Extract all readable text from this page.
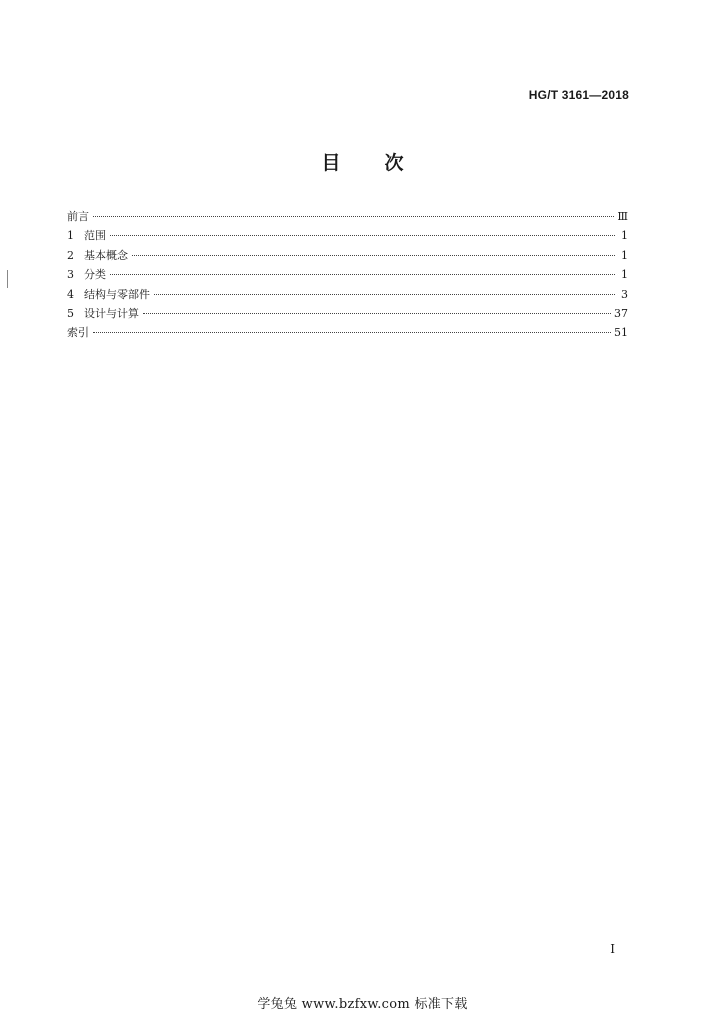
HG/T 3161—2018
目次
前言	Ⅲ
1 范围	1
2 基本概念	1
3 分类	1
4 结构与零部件	3
5 设计与计算	37
索引	51
I
学兔兔 www.bzfxw.com 标准下载
